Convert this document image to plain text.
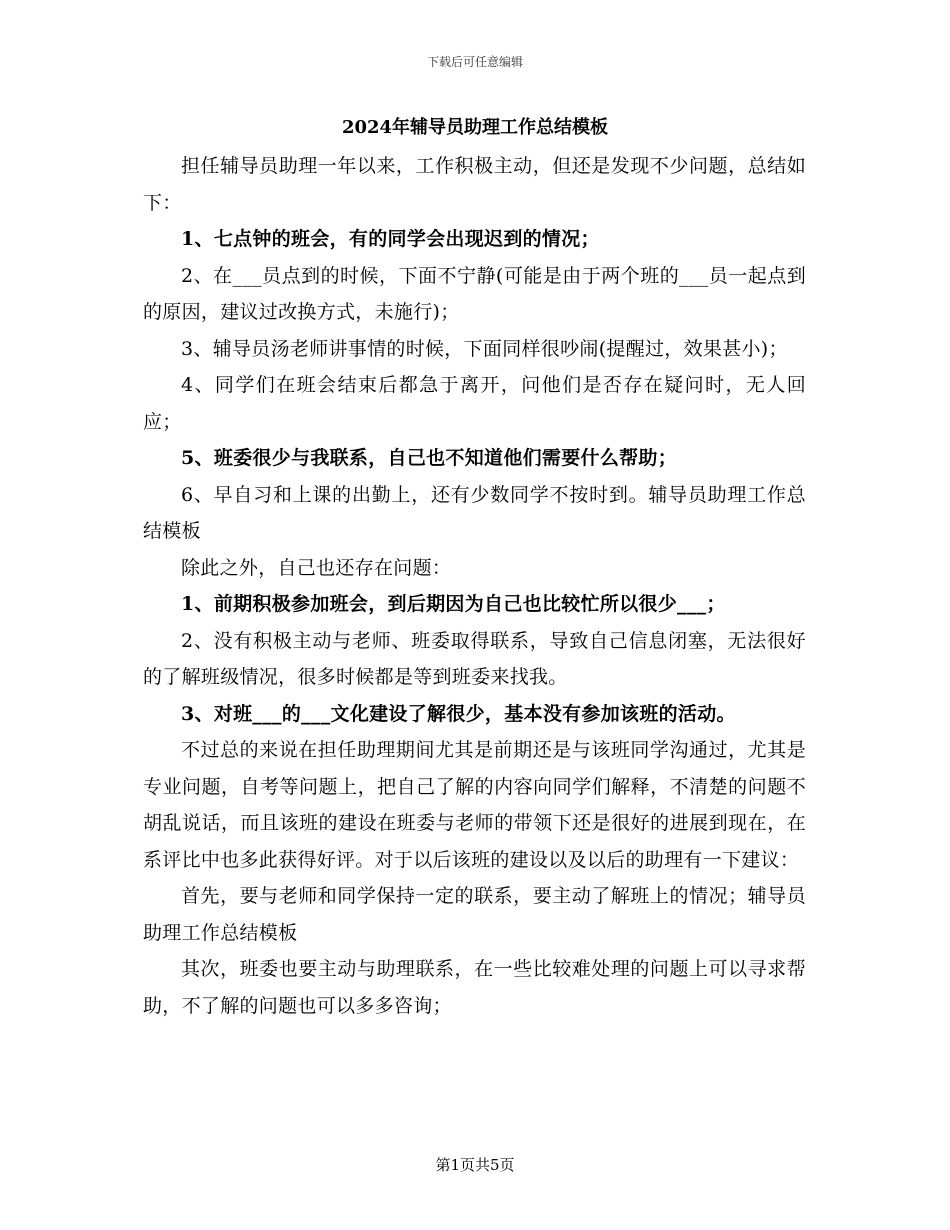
下载后可任意编辑
2024年辅导员助理工作总结模板

担任辅导员助理一年以来，工作积极主动，但还是发现不少问题，总结如下：

1、七点钟的班会，有的同学会出现迟到的情况；

2、在___员点到的时候，下面不宁静(可能是由于两个班的___员一起点到的原因，建议过改换方式，未施行)；

3、辅导员汤老师讲事情的时候，下面同样很吵闹(提醒过，效果甚小)；

4、同学们在班会结束后都急于离开，问他们是否存在疑问时，无人回应；

5、班委很少与我联系，自己也不知道他们需要什么帮助；

6、早自习和上课的出勤上，还有少数同学不按时到。辅导员助理工作总结模板

除此之外，自己也还存在问题：

1、前期积极参加班会，到后期因为自己也比较忙所以很少___；

2、没有积极主动与老师、班委取得联系，导致自己信息闭塞，无法很好的了解班级情况，很多时候都是等到班委来找我。

3、对班___的___文化建设了解很少，基本没有参加该班的活动。

不过总的来说在担任助理期间尤其是前期还是与该班同学沟通过，尤其是专业问题，自考等问题上，把自己了解的内容向同学们解释，不清楚的问题不胡乱说话，而且该班的建设在班委与老师的带领下还是很好的进展到现在，在系评比中也多此获得好评。对于以后该班的建设以及以后的助理有一下建议：

首先，要与老师和同学保持一定的联系，要主动了解班上的情况；辅导员助理工作总结模板

其次，班委也要主动与助理联系，在一些比较难处理的问题上可以寻求帮助，不了解的问题也可以多多咨询；

第1页共5页
